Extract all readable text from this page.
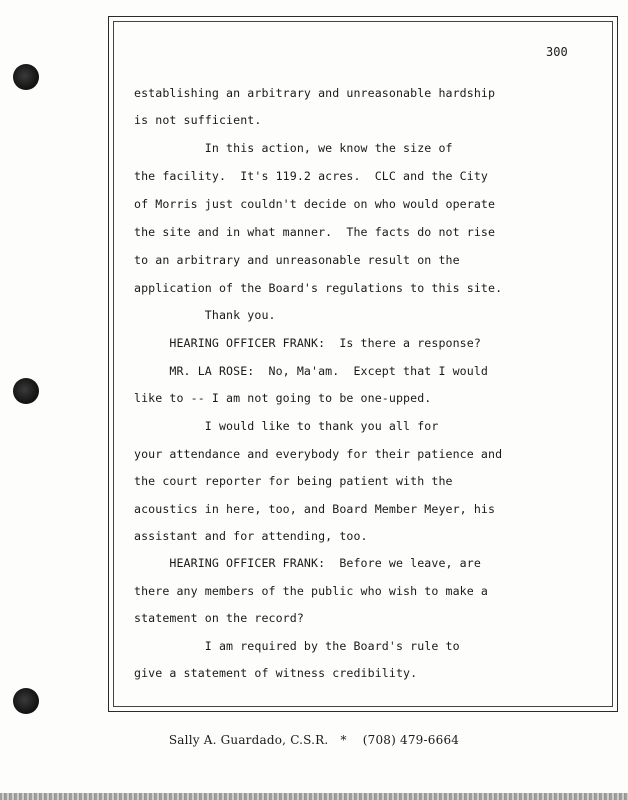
300
establishing an arbitrary and unreasonable hardship
is not sufficient.
In this action, we know the size of
the facility.  It's 119.2 acres.  CLC and the City
of Morris just couldn't decide on who would operate
the site and in what manner.  The facts do not rise
to an arbitrary and unreasonable result on the
application of the Board's regulations to this site.
Thank you.
HEARING OFFICER FRANK:  Is there a response?
MR. LA ROSE:  No, Ma'am.  Except that I would
like to -- I am not going to be one-upped.
I would like to thank you all for
your attendance and everybody for their patience and
the court reporter for being patient with the
acoustics in here, too, and Board Member Meyer, his
assistant and for attending, too.
HEARING OFFICER FRANK:  Before we leave, are
there any members of the public who wish to make a
statement on the record?
I am required by the Board's rule to
give a statement of witness credibility.
Sally A. Guardado, C.S.R. * (708) 479-6664
